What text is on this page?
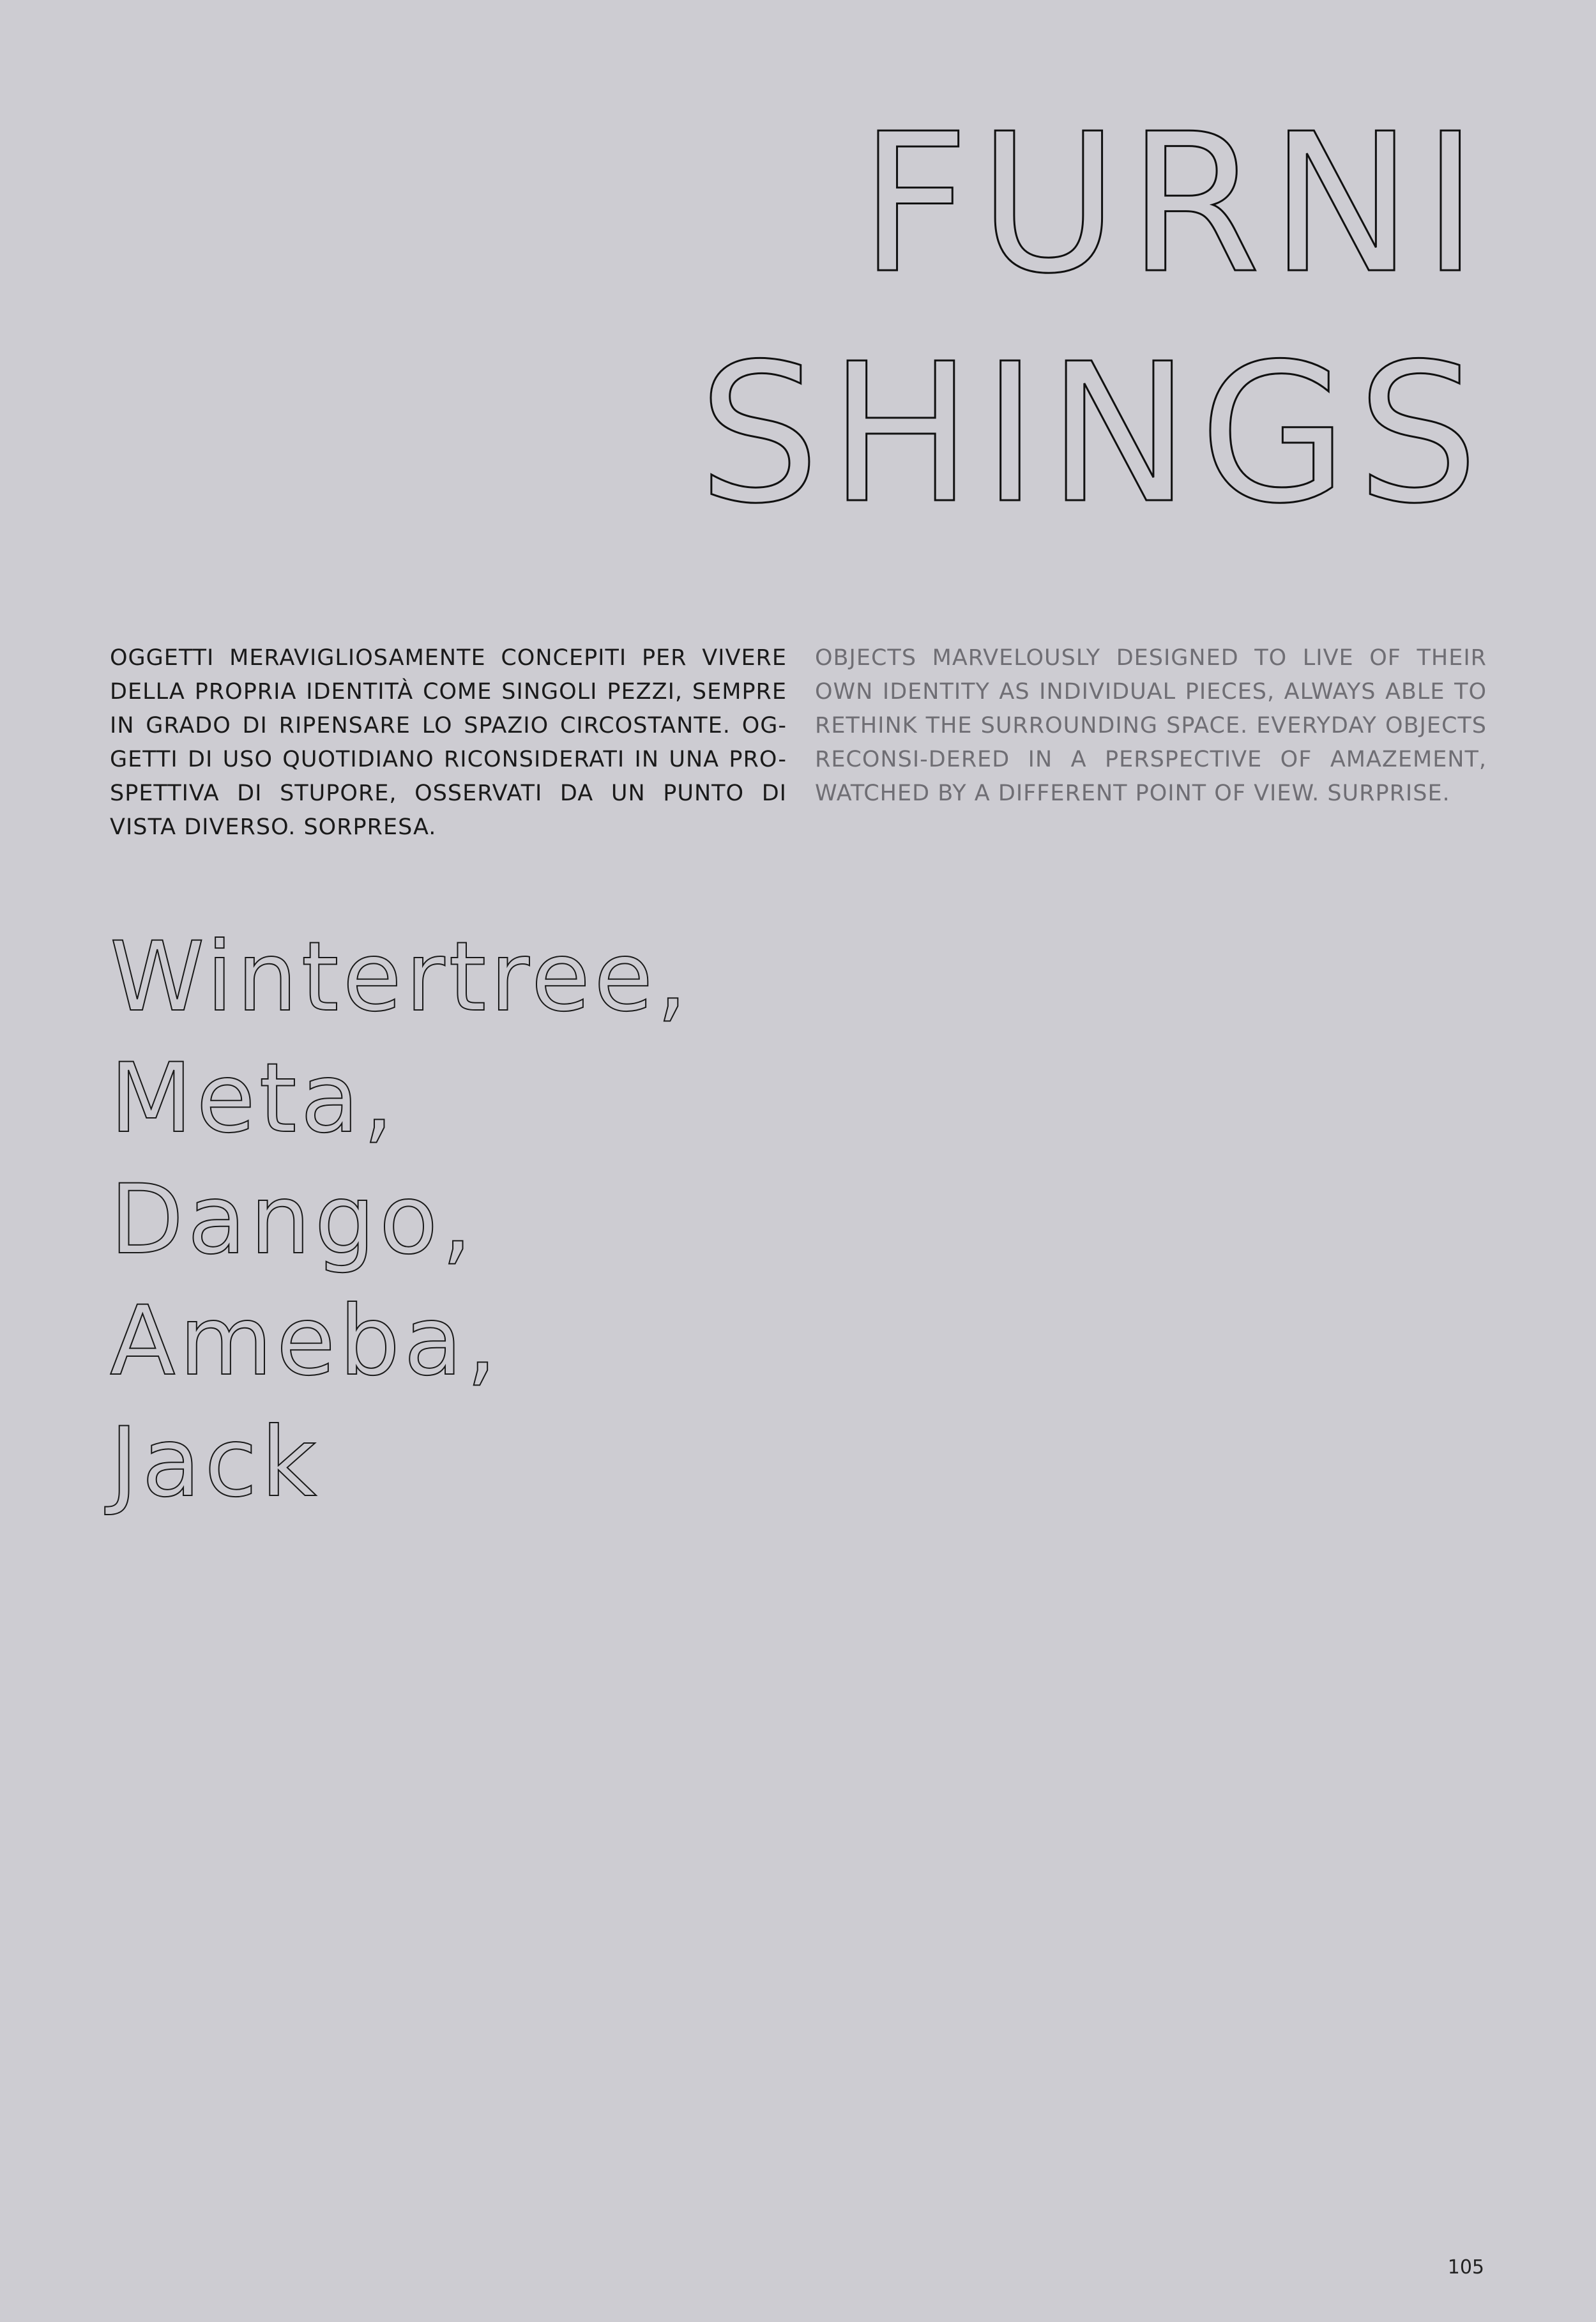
FURNI
SHINGS

OGGETTI MERAVIGLIOSAMENTE CONCEPITI PER VIVERE DELLA PROPRIA IDENTITÀ COME SINGOLI PEZZI, SEMPRE IN GRADO DI RIPENSARE LO SPAZIO CIRCOSTANTE. OG-GETTI DI USO QUOTIDIANO RICONSIDERATI IN UNA PRO-SPETTIVA DI STUPORE, OSSERVATI DA UN PUNTO DI VISTA DIVERSO. SORPRESA.

OBJECTS MARVELOUSLY DESIGNED TO LIVE OF THEIR OWN IDENTITY AS INDIVIDUAL PIECES, ALWAYS ABLE TO RETHINK THE SURROUNDING SPACE. EVERYDAY OBJECTS RECONSI-DERED IN A PERSPECTIVE OF AMAZEMENT, WATCHED BY A DIFFERENT POINT OF VIEW. SURPRISE.

Wintertree,
Meta,
Dango,
Ameba,
Jack

105
